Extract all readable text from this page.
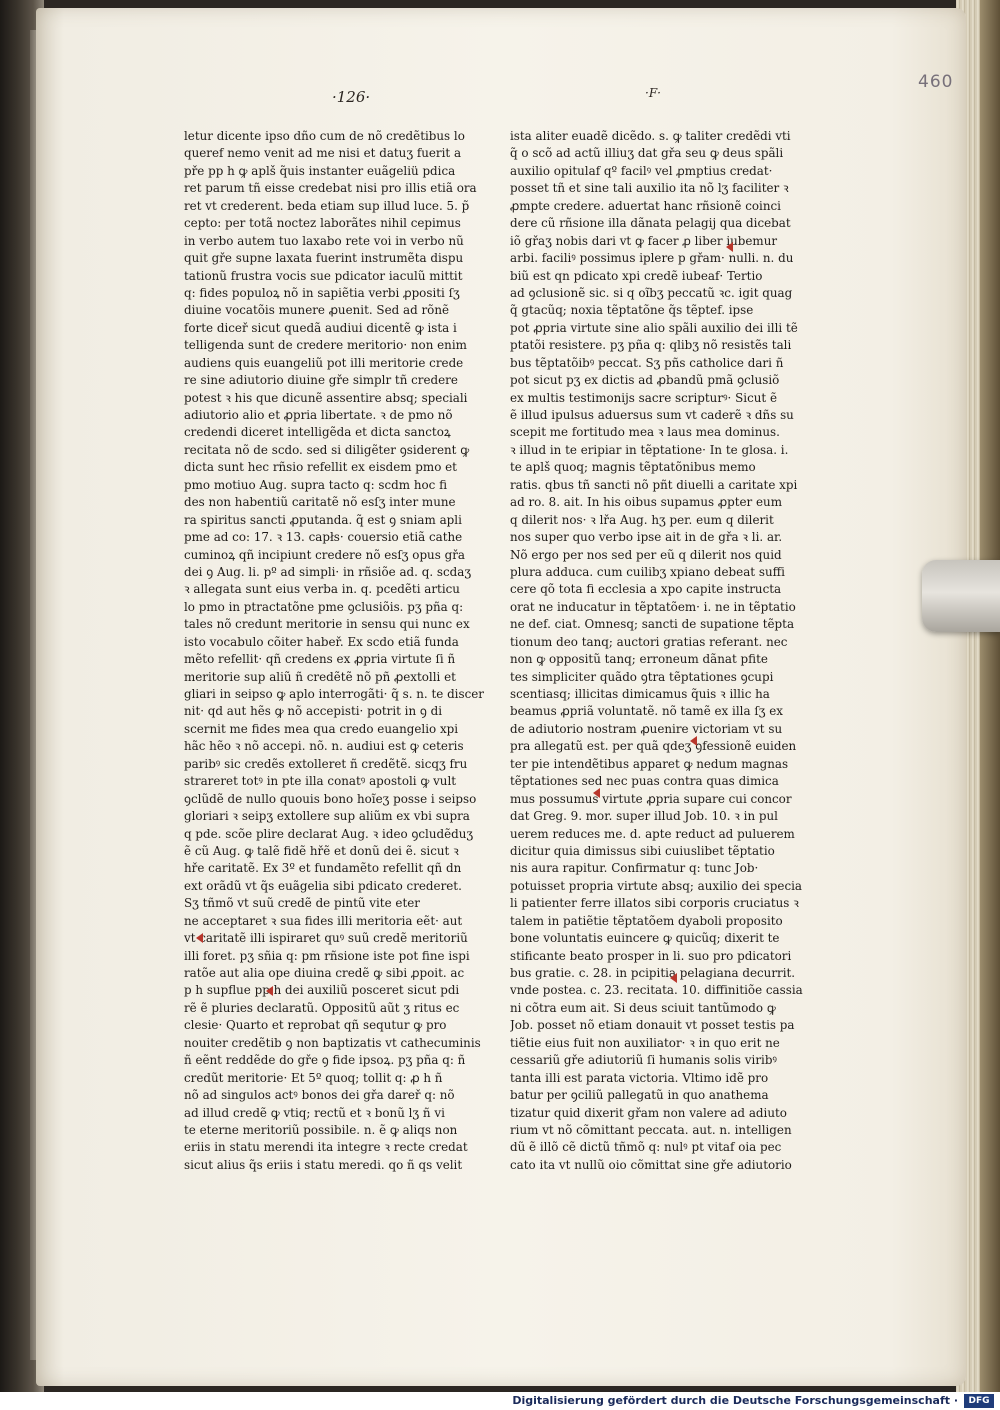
·126·	·F·
460
letur dicente ipso dño cum de nõ credẽtibus lo
queref nemo venit ad me nisi et datuʒ fuerit a
pře pp h ꝙ aplš q̃uis instanter euãgeliü pdica
ret parum tñ eisse credebat nisi pro illis etiã ora
ret vt crederent. beda etiam sup illud luce. 5. p̃
cepto: per totã noctez laborãtes nihil cepimus
in verbo autem tuo laxabo rete voi in verbo nũ
quit gře supne laxata fuerint instrumẽta dispu
tationũ frustra vocis sue pdicator iaculũ mittit
q: fides populoꝝ nõ in sapiẽtia verbi ꝓpositi ſʒ
diuine vocatõis munere ꝓuenit. Sed ad rõnẽ
forte diceř sicut quedã audiui dicentẽ ꝙ ista i
telligenda sunt de credere meritorio· non enim
audiens quis euangeliũ pot illi meritorie crede
re sine adiutorio diuine gře simplr tñ credere
potest ꝛ his que dicunẽ assentire absq; speciali
adiutorio alio et ꝓpria libertate. ꝛ de pmo nõ
credendi diceret intelligẽda et dicta sanctoꝝ
recitata nõ de scdo. sed si diligẽter ꝯsiderent ꝙ
dicta sunt hec rñsio refellit ex eisdem pmo et
pmo motiuo Aug. supra tacto q: scdm hoc fi
des non habentiũ caritatẽ nõ esſʒ inter mune
ra spiritus sancti ꝓputanda. q̃ est ꝯ sniam apli
pme ad co: 17. ꝛ 13. capłs· couersio etiã cathe
cuminoꝝ qñ incipiunt credere nõ esſʒ opus gřa
dei ꝯ Aug. li. pº ad simpli· in rñsiõe ad. q. scdaʒ
ꝛ allegata sunt eius verba in. q. pcedẽti articu
lo pmo in ptractatõne pme ꝯclusiõis. pʒ pña q:
tales nõ credunt meritorie in sensu qui nunc ex
isto vocabulo cõiter habeř. Ex scdo etiã funda
mẽto refellit· qñ credens ex ꝓpria virtute ſi ñ
meritorie sup aliũ ñ credẽtẽ nõ pñ ꝓextolli et
gliari in seipso ꝙ aplo interrogãti· q̃ s. n. te discer
nit· qd aut hẽs ꝙ nõ accepisti· potrit in ꝯ di
scernit me fides mea qua credo euangelio xpi
hãc hẽo ꝛ nõ accepi. nõ. n. audiui est ꝙ ceteris
paribꝰ sic credẽs extolleret ñ credẽtẽ. sicqʒ fru
strareret totꝰ in pte illa conatꝰ apostoli ꝙ vult
ꝯclũdẽ de nullo quouis bono hoĩeʒ posse i seipso
gloriari ꝛ seipʒ extollere sup aliũm ex vbi supra
q pde. scõe plire declarat Aug. ꝛ ideo ꝯcludẽduʒ
ẽ cũ Aug. ꝙ talẽ fidẽ hřẽ et donũ dei ẽ. sicut ꝛ
hře caritatẽ. Ex 3º et fundamẽto refellit qñ dn
ext orãdũ vt q̃s euãgelia sibi pdicato crederet.
Sʒ tñmõ vt suũ credẽ de pintũ vite eter
ne acceptaret ꝛ sua fides illi meritoria eẽt· aut
vt caritatẽ illi ispiraret quꝰ suũ credẽ meritoriũ
illi foret. pʒ sñia q: pm rñsione iste pot fine ispi
ratõe aut alia ope diuina credẽ ꝙ sibi ꝓpoit. ac
p h supflue pp h dei auxiliũ posceret sicut pdi
rẽ ẽ pluries declaratũ. Oppositũ aũt ʒ ritus ec
clesie· Quarto et reprobat qñ sequtur ꝙ pro
nouiter credẽtib ꝯ non baptizatis vt cathecuminis
ñ eẽnt reddẽde do gře ꝯ fide ipsoꝝ. pʒ pña q: ñ
credũt meritorie· Et 5º quoq; tollit q: ꝓ h ñ
nõ ad singulos actꝰ bonos dei gřa dareř q: nõ
ad illud credẽ ꝙ vtiq; rectũ et ꝛ bonũ lʒ ñ vi
te eterne meritoriũ possibile. n. ẽ ꝙ aliqs non
eriis in statu merendi ita integre ꝛ recte credat
sicut alius q̃s eriis i statu meredi. qo ñ qs velit
ista aliter euadẽ dicẽdo. s. ꝙ taliter credẽdi vti
q̃ o scõ ad actũ illiuʒ dat gřa seu ꝙ deus spãli
auxilio opitulaf qº facilꝰ vel ꝓmptius credat·
posset tñ et sine tali auxilio ita nõ lʒ faciliter ꝛ
ꝓmpte credere. aduertat hanc rñsionẽ coinci
dere cũ rñsione illa dãnata pelagij qua dicebat
iõ gřaʒ nobis dari vt ꝙ facer ꝓ liber iubemur
arbi. faciliꝰ possimus iplere p gřam· nulli. n. du
biũ est qn pdicato xpi credẽ iubeaf· Tertio
ad ꝯclusionẽ sic. si q oĩbʒ peccatũ ꝛc. igit quag
q̃ gtacũq; noxia tẽptatõne q̃s tẽptef. ipse
pot ꝓpria virtute sine alio spãli auxilio dei illi tẽ
ptatõi resistere. pʒ pña q: qlibʒ nõ resistẽs tali
bus tẽptatõibꝰ peccat. Sʒ pñs catholice dari ñ
pot sicut pʒ ex dictis ad ꝓbandũ pmã ꝯclusiõ
ex multis testimonijs sacre scripturꝰ· Sicut ẽ
ẽ illud ipulsus aduersus sum vt caderẽ ꝛ dñs su
scepit me fortitudo mea ꝛ laus mea dominus.
ꝛ illud in te eripiar in tẽptatione· In te glosa. i.
te aplš quoq; magnis tẽptatõnibus memo
ratis. qbus tñ sancti nõ pñt diuelli a caritate xpi
ad ro. 8. ait. In his oibus supamus ꝓpter eum
q dilerit nos· ꝛ lřa Aug. hʒ per. eum q dilerit
nos super quo verbo ipse ait in de gřa ꝛ li. ar.
Nõ ergo per nos sed per eũ q dilerit nos quid
plura adduca. cum cuilibʒ xpiano debeat suffi
cere qõ tota fi ecclesia a xpo capite instructa
orat ne inducatur in tẽptatõem· i. ne in tẽptatio
ne def. ciat. Omnesq; sancti de supatione tẽpta
tionum deo tanq; auctori gratias referant. nec
non ꝙ oppositũ tanq; erroneum dãnat pfite
tes simpliciter quãdo ꝯtra tẽptationes ꝯcupi
scentiasq; illicitas dimicamus q̃uis ꝛ illic ha
beamus ꝓpriã voluntatẽ. nõ tamẽ ex illa ſʒ ex
de adiutorio nostram ꝓuenire victoriam vt su
pra allegatũ est. per quã qdeʒ ꝯfessionẽ euiden
ter pie intendẽtibus apparet ꝙ nedum magnas
tẽptationes sed nec puas contra quas dimica
mus possumus virtute ꝓpria supare cui concor
dat Greg. 9. mor. super illud Job. 10. ꝛ in pul
uerem reduces me. d. apte reduct ad puluerem
dicitur quia dimissus sibi cuiuslibet tẽptatio
nis aura rapitur. Confirmatur q: tunc Job·
potuisset propria virtute absq; auxilio dei specia
li patienter ferre illatos sibi corporis cruciatus ꝛ
talem in patiẽtie tẽptatõem dyaboli proposito
bone voluntatis euincere ꝙ quicũq; dixerit te
stificante beato prosper in li. suo pro pdicatori
bus gratie. c. 28. in pcipitia pelagiana decurrit.
vnde postea. c. 23. recitata. 10. diffinitiõe cassia
ni cõtra eum ait. Si deus sciuit tantũmodo ꝙ
Job. posset nõ etiam donauit vt posset testis pa
tiẽtie eius fuit non auxiliator· ꝛ in quo erit ne
cessariũ gře adiutoriũ ſi humanis solis viribꝰ
tanta illi est parata victoria. Vltimo idẽ pro
batur per ꝯciliũ pallegatũ in quo anathema
tizatur quid dixerit gřam non valere ad adiuto
rium vt nõ cõmittant peccata. aut. n. intelligen
dũ ẽ illõ cẽ dictũ tñmõ q: nulꝰ pt vitaf oia pec
cato ita vt nullũ oio cõmittat sine gře adiutorio
Digitalisierung gefördert durch die Deutsche Forschungsgemeinschaft ·	DFG
